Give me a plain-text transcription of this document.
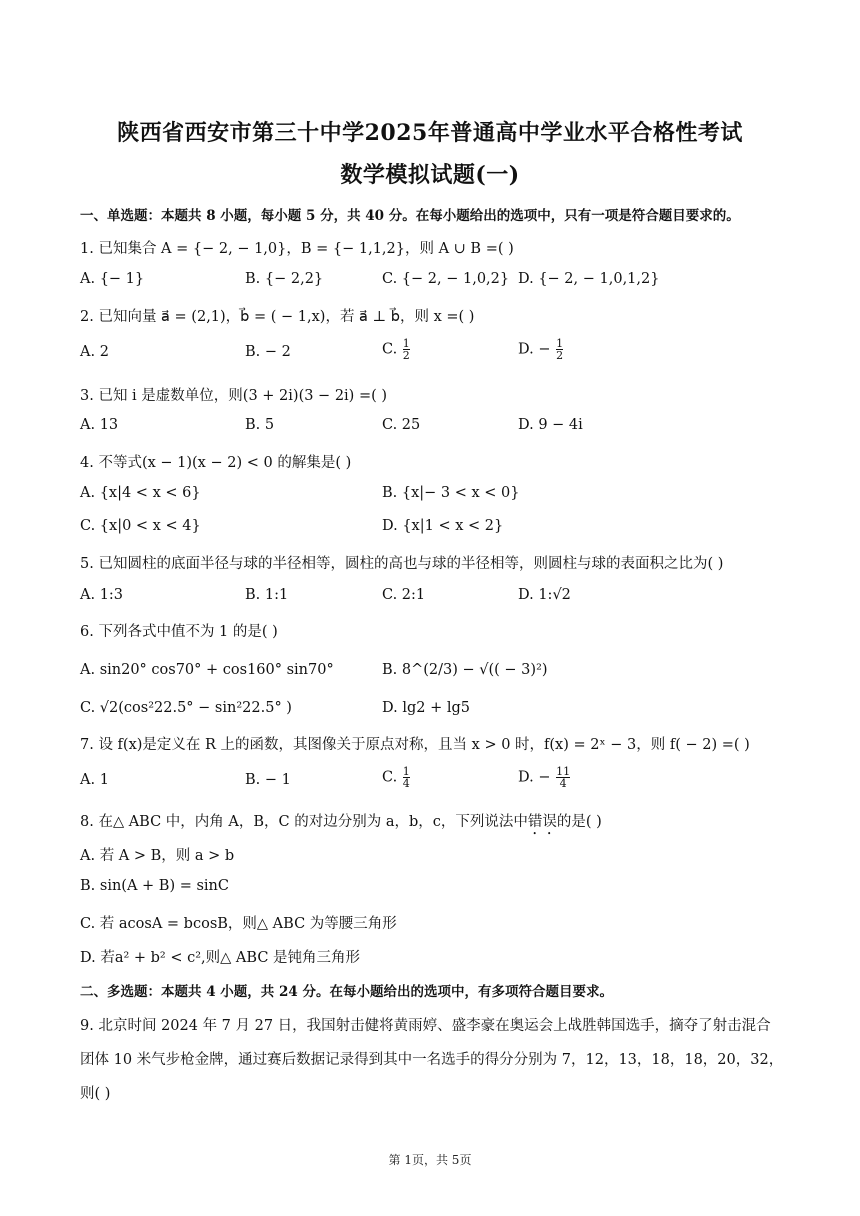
陕西省西安市第三十中学2025年普通高中学业水平合格性考试
数学模拟试题(一)
一、单选题：本题共 8 小题，每小题 5 分，共 40 分。在每小题给出的选项中，只有一项是符合题目要求的。
1. 已知集合 A = {− 2, − 1,0}，B = {− 1,1,2}，则 A ∪ B =( )
A. {− 1}	B. {− 2,2}	C. {− 2, − 1,0,2} D. {− 2, − 1,0,1,2}
2. 已知向量 a⃗ = (2,1)，b⃗ = ( − 1,x)，若 a⃗ ⊥ b⃗，则 x =( )
A. 2	B. − 2	C. $\frac{1}{2}$	D. − $\frac{1}{2}$
3. 已知 i 是虚数单位，则(3 + 2i)(3 − 2i) =( )
A. 13	B. 5	C. 25	D. 9 − 4i
4. 不等式(x − 1)(x − 2) < 0 的解集是( )
A. {x|4 < x < 6}	B. {x|− 3 < x < 0}
C. {x|0 < x < 4}	D. {x|1 < x < 2}
5. 已知圆柱的底面半径与球的半径相等，圆柱的高也与球的半径相等，则圆柱与球的表面积之比为( )
A. 1:3	B. 1:1	C. 2:1	D. 1:√2
6. 下列各式中值不为 1 的是( )
A. sin20° cos70° + cos160° sin70°	B. 8^(2/3) − √(( − 3)²)
C. √2(cos²22.5° − sin²22.5° )	D. lg2 + lg5
7. 设 f(x)是定义在 R 上的函数，其图像关于原点对称，且当 x > 0 时，f(x) = 2ˣ − 3，则 f( − 2) =( )
A. 1	B. − 1	C. $\frac{1}{4}$	D. − $\frac{11}{4}$
8. 在△ ABC 中，内角 A，B，C 的对边分别为 a，b，c，下列说法中错误的是( )
A. 若 A > B，则 a > b
B. sin(A + B) = sinC
C. 若 acosA = bcosB，则△ ABC 为等腰三角形
D. 若a² + b² < c²,则△ ABC 是钝角三角形
二、多选题：本题共 4 小题，共 24 分。在每小题给出的选项中，有多项符合题目要求。
9. 北京时间 2024 年 7 月 27 日，我国射击健将黄雨婷、盛李豪在奥运会上战胜韩国选手，摘夺了射击混合
团体 10 米气步枪金牌，通过赛后数据记录得到其中一名选手的得分分别为 7，12，13，18，18，20，32，
则( )
第 1页，共 5页
